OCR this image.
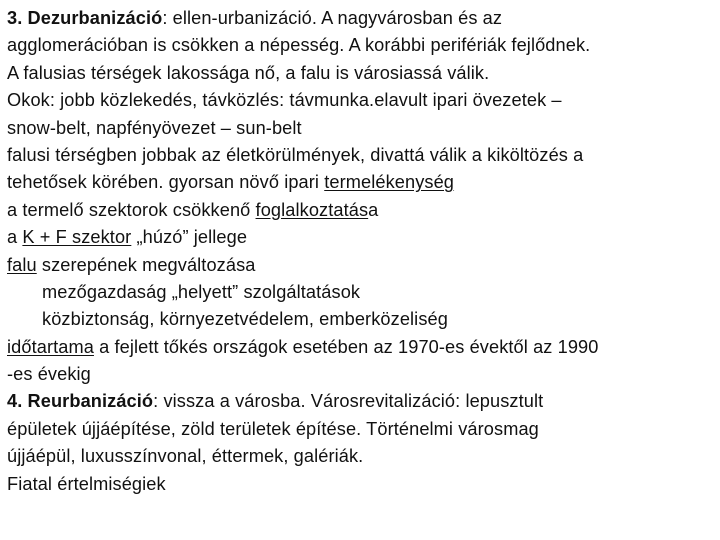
3. Dezurbanizáció: ellen-urbanizáció. A nagyvárosban és az
agglomerációban is csökken a népesség. A korábbi perifériák fejlődnek.
A falusias térségek lakossága nő, a falu is városiassá válik.
Okok: jobb közlekedés, távközlés: távmunka.elavult ipari övezetek –
snow-belt, napfényövezet – sun-belt
falusi térségben jobbak az életkörülmények, divattá válik a kiköltözés a
tehetősek körében. gyorsan növő ipari termelékenység
a termelő szektorok csökkenő foglalkoztatása
a K + F szektor „húzó” jellege
falu szerepének megváltozása
mezőgazdaság „helyett” szolgáltatások
közbiztonság, környezetvédelem, emberközeliség
időtartama a fejlett tőkés országok esetében az 1970-es évektől az 1990
-es évekig
4. Reurbanizáció: vissza a városba. Városrevitalizáció: lepusztult
épületek újjáépítése, zöld területek építése. Történelmi városmag
újjáépül, luxusszínvonal, éttermek, galériák.
Fiatal értelmiségiek
